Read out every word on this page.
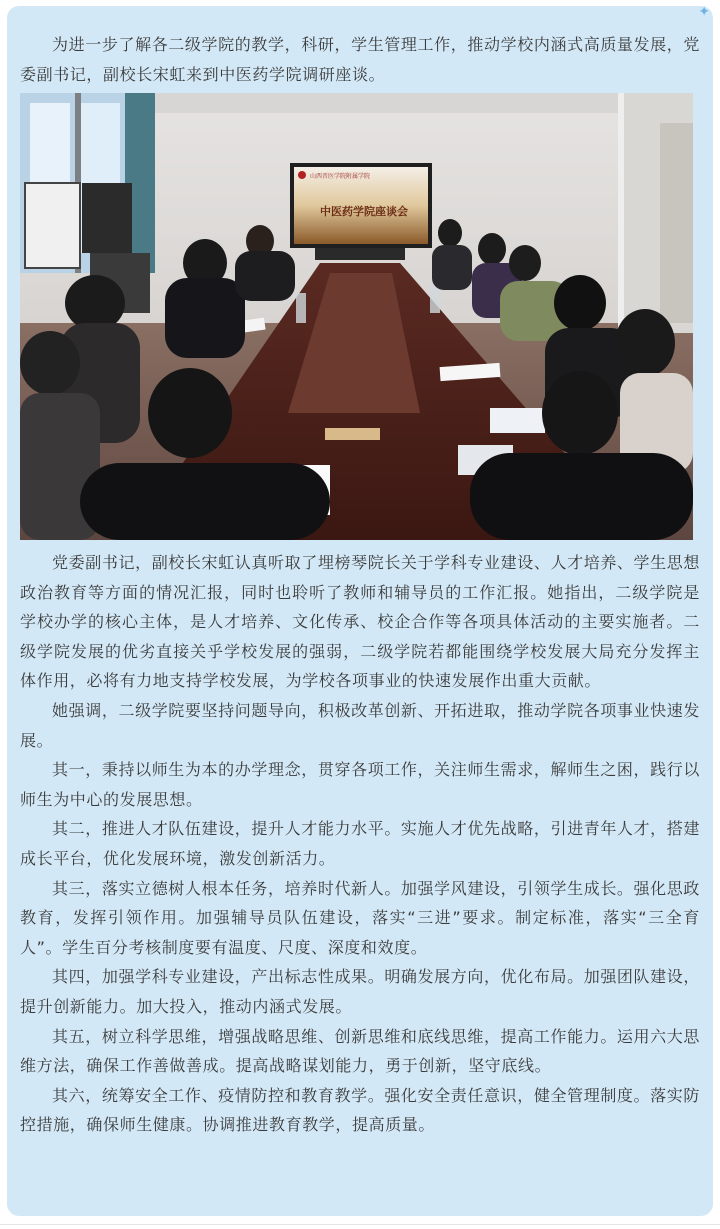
✦

为进一步了解各二级学院的教学，科研，学生管理工作，推动学校内涵式高质量发展，党委副书记，副校长宋虹来到中医药学院调研座谈。

山西晋医学院附属学院
中医药学院座谈会

党委副书记，副校长宋虹认真听取了埋榜琴院长关于学科专业建设、人才培养、学生思想政治教育等方面的情况汇报，同时也聆听了教师和辅导员的工作汇报。她指出，二级学院是学校办学的核心主体，是人才培养、文化传承、校企合作等各项具体活动的主要实施者。二级学院发展的优劣直接关乎学校发展的强弱，二级学院若都能围绕学校发展大局充分发挥主体作用，必将有力地支持学校发展，为学校各项事业的快速发展作出重大贡献。

她强调，二级学院要坚持问题导向，积极改革创新、开拓进取，推动学院各项事业快速发展。

其一，秉持以师生为本的办学理念，贯穿各项工作，关注师生需求，解师生之困，践行以师生为中心的发展思想。

其二，推进人才队伍建设，提升人才能力水平。实施人才优先战略，引进青年人才，搭建成长平台，优化发展环境，激发创新活力。

其三，落实立德树人根本任务，培养时代新人。加强学风建设，引领学生成长。强化思政教育，发挥引领作用。加强辅导员队伍建设，落实“三进”要求。制定标准，落实“三全育人”。学生百分考核制度要有温度、尺度、深度和效度。

其四，加强学科专业建设，产出标志性成果。明确发展方向，优化布局。加强团队建设，提升创新能力。加大投入，推动内涵式发展。

其五，树立科学思维，增强战略思维、创新思维和底线思维，提高工作能力。运用六大思维方法，确保工作善做善成。提高战略谋划能力，勇于创新，坚守底线。

其六，统筹安全工作、疫情防控和教育教学。强化安全责任意识，健全管理制度。落实防控措施，确保师生健康。协调推进教育教学，提高质量。
